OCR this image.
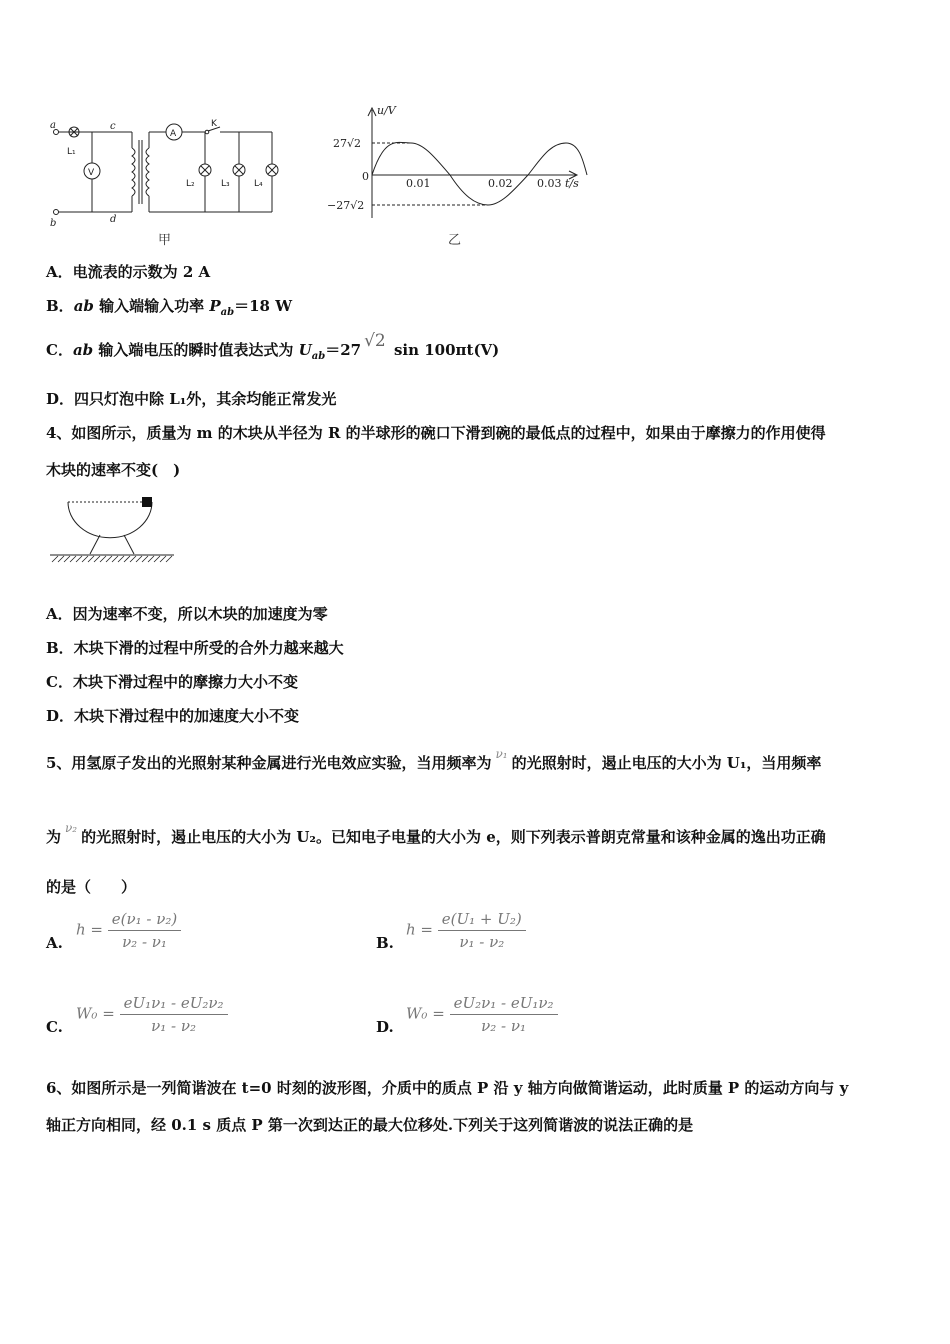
a
b
c
d
L₁
V
A
K
L₂	L₃	L₄
甲
u/V
t/s
27√2
−27√2
0
0.01	0.02 0.03
乙
A．电流表的示数为 2 A
B．ab 输入端输入功率 $P_{ab}=18$ W
C．ab 输入端电压的瞬时值表达式为 $U_{ab}=27$ √2 sin 100πt(V)
D．四只灯泡中除 L₁外，其余均能正常发光
4、如图所示，质量为 m 的木块从半径为 R 的半球形的碗口下滑到碗的最低点的过程中，如果由于摩擦力的作用使得
木块的速率不变(　)
A．因为速率不变，所以木块的加速度为零
B．木块下滑的过程中所受的合外力越来越大
C．木块下滑过程中的摩擦力大小不变
D．木块下滑过程中的加速度大小不变
5、用氢原子发出的光照射某种金属进行光电效应实验，当用频率为 $^{\nu_1}$ 的光照射时，遏止电压的大小为 U₁，当用频率
为 $^{\nu_2}$ 的光照射时，遏止电压的大小为 U₂。已知电子电量的大小为 e，则下列表示普朗克常量和该种金属的逸出功正确
的是（　　）
A.
$h = \frac{\text{e(ν₁ - ν₂)}}{\text{ν₂ - ν₁}}$	B.
$h = \frac{\text{e(U₁ + U₂)}}{\text{ν₁ - ν₂}}$
C.
$W_0 = \frac{\text{eU₁ν₁ - eU₂ν₂}}{\text{ν₁ - ν₂}}$	D.
$W_0 = \frac{\text{eU₂ν₁ - eU₁ν₂}}{\text{ν₂ - ν₁}}$
6、如图所示是一列简谐波在 t=0 时刻的波形图，介质中的质点 P 沿 y 轴方向做简谐运动，此时质量 P 的运动方向与 y
轴正方向相同，经 0.1 s 质点 P 第一次到达正的最大位移处.下列关于这列简谐波的说法正确的是
